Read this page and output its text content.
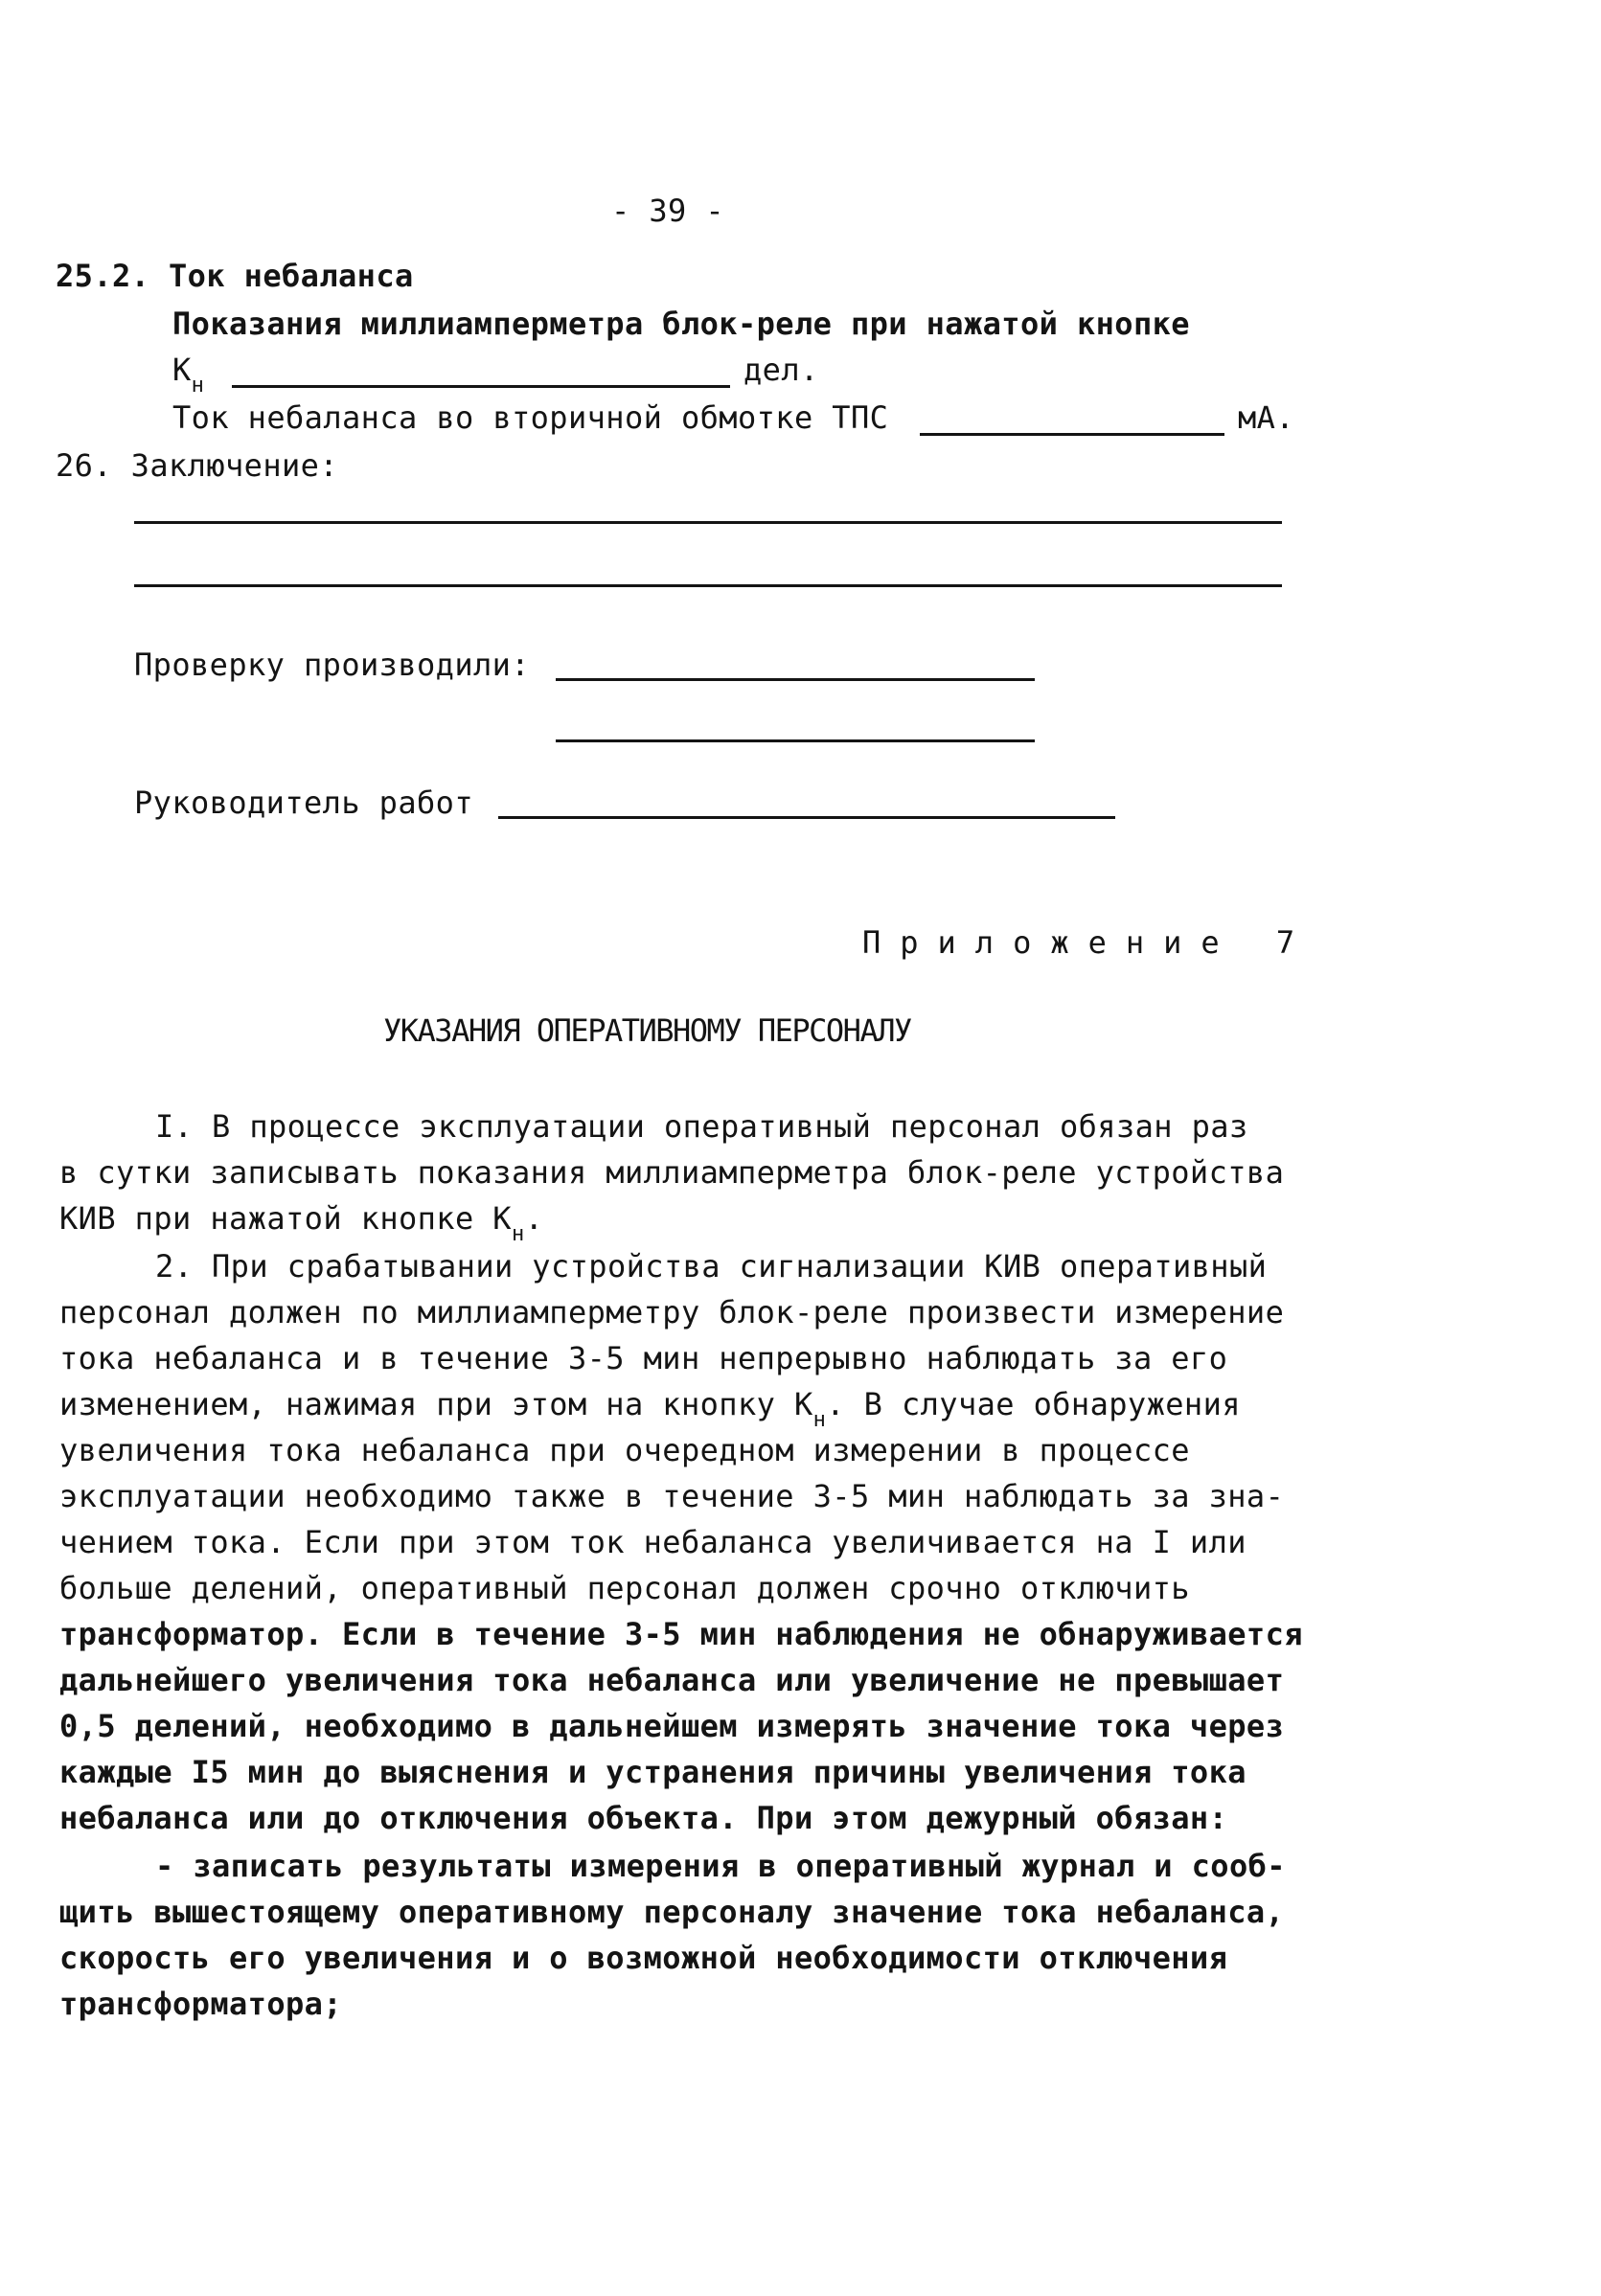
- 39 -
25.2. Ток небаланса
Показания миллиамперметра блок-реле при нажатой кнопке
$К_н$	дел.
Ток небаланса во вторичной обмотке ТПС	мА.
26. Заключение:
Проверку производили:
Руководитель работ
Приложение 7
УКАЗАНИЯ ОПЕРАТИВНОМУ ПЕРСОНАЛУ
I. В процессе эксплуатации оперативный персонал обязан раз
в сутки записывать показания миллиамперметра блок-реле устройства
КИВ при нажатой кнопке $К_н$.
2. При срабатывании устройства сигнализации КИВ оперативный
персонал должен по миллиамперметру блок-реле произвести измерение
тока небаланса и в течение 3-5 мин непрерывно наблюдать за его
изменением, нажимая при этом на кнопку $К_н$. В случае обнаружения
увеличения тока небаланса при очередном измерении в процессе
эксплуатации необходимо также в течение 3-5 мин наблюдать за зна-
чением тока. Если при этом ток небаланса увеличивается на I или
больше делений, оперативный персонал должен срочно отключить
трансформатор. Если в течение 3-5 мин наблюдения не обнаруживается
дальнейшего увеличения тока небаланса или увеличение не превышает
0,5 делений, необходимо в дальнейшем измерять значение тока через
каждые I5 мин до выяснения и устранения причины увеличения тока
небаланса или до отключения объекта. При этом дежурный обязан:
- записать результаты измерения в оперативный журнал и сооб-
щить вышестоящему оперативному персоналу значение тока небаланса,
скорость его увеличения и о возможной необходимости отключения
трансформатора;
